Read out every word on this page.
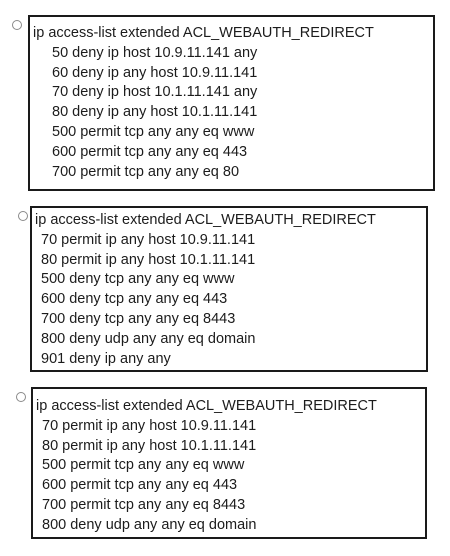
ip access-list extended ACL_WEBAUTH_REDIRECT
50 deny ip host 10.9.11.141 any
60 deny ip any host 10.9.11.141
70 deny ip host 10.1.11.141 any
80 deny ip any host 10.1.11.141
500 permit tcp any any eq www
600 permit tcp any any eq 443
700 permit tcp any any eq 80
ip access-list extended ACL_WEBAUTH_REDIRECT
70 permit ip any host 10.9.11.141
80 permit ip any host 10.1.11.141
500 deny tcp any any eq www
600 deny tcp any any eq 443
700 deny tcp any any eq 8443
800 deny udp any any eq domain
901 deny ip any any
ip access-list extended ACL_WEBAUTH_REDIRECT
70 permit ip any host 10.9.11.141
80 permit ip any host 10.1.11.141
500 permit tcp any any eq www
600 permit tcp any any eq 443
700 permit tcp any any eq 8443
800 deny udp any any eq domain
